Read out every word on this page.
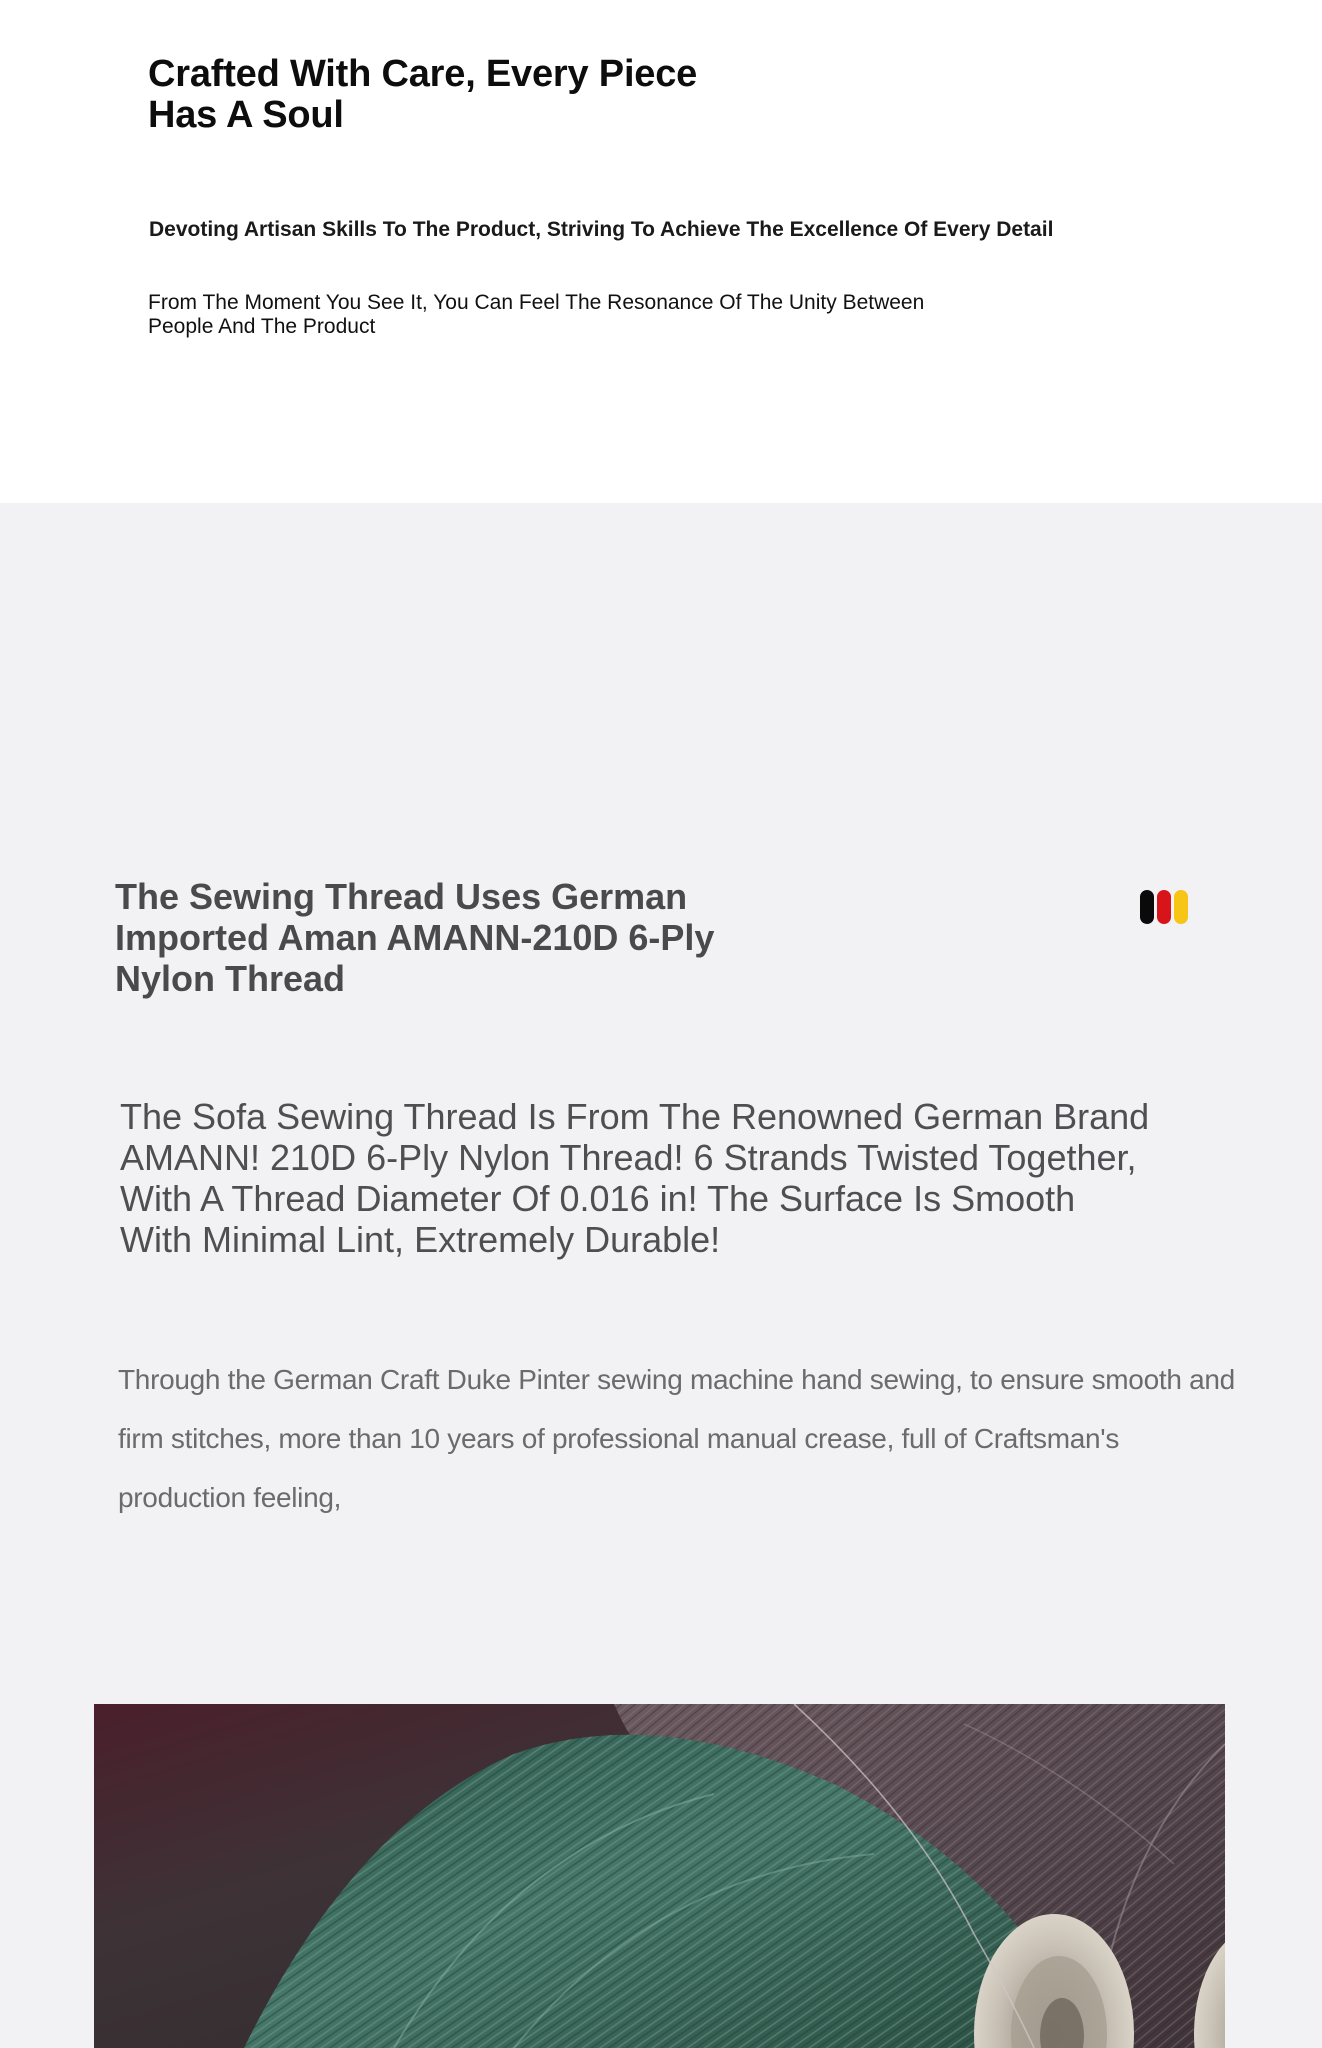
Crafted With Care, Every Piece Has A Soul

Devoting Artisan Skills To The Product, Striving To Achieve The Excellence Of Every Detail

From The Moment You See It, You Can Feel The Resonance Of The Unity Between People And The Product

The Sewing Thread Uses German Imported Aman AMANN-210D 6-Ply Nylon Thread

The Sofa Sewing Thread Is From The Renowned German Brand AMANN! 210D 6-Ply Nylon Thread! 6 Strands Twisted Together, With A Thread Diameter Of 0.016 in! The Surface Is Smooth With Minimal Lint, Extremely Durable!

Through the German Craft Duke Pinter sewing machine hand sewing, to ensure smooth and firm stitches, more than 10 years of professional manual crease, full of Craftsman's production feeling,
